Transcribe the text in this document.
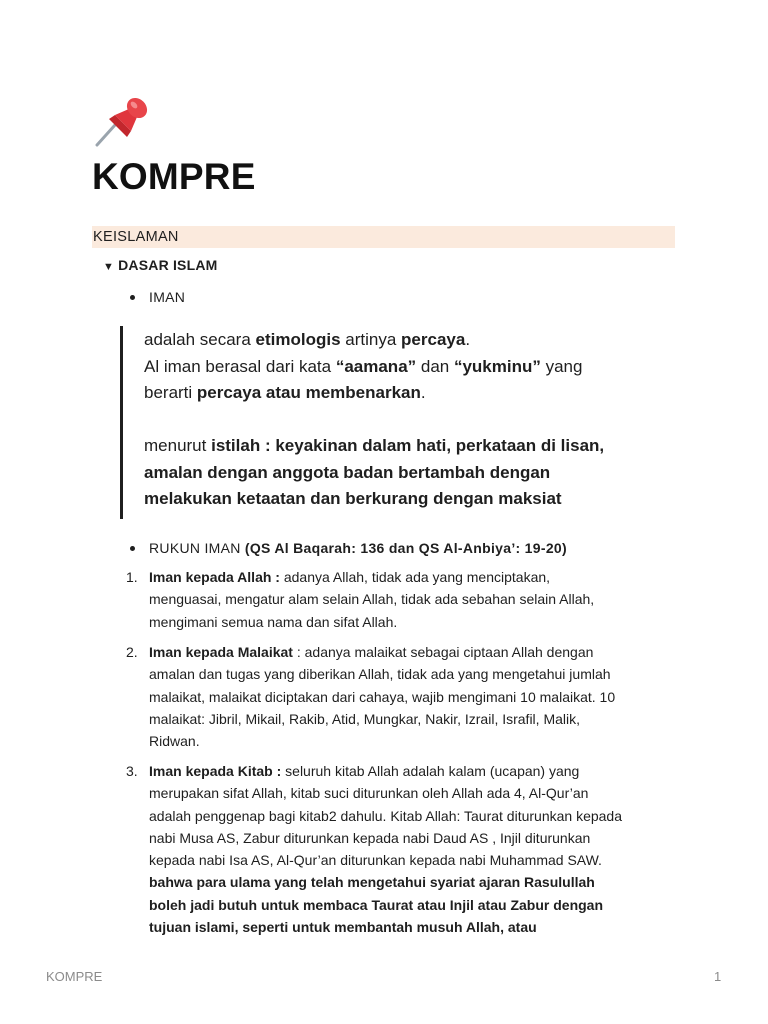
KOMPRE
KEISLAMAN
▼ DASAR ISLAM
IMAN

adalah secara etimologis artinya percaya.

Al iman berasal dari kata “aamana” dan “yukminu” yang

berarti percaya atau membenarkan.

menurut istilah : keyakinan dalam hati, perkataan di lisan,

amalan dengan anggota badan bertambah dengan

melakukan ketaatan dan berkurang dengan maksiat

RUKUN IMAN (QS Al Baqarah: 136 dan QS Al-Anbiya’: 19-20)
1. Iman kepada Allah : adanya Allah, tidak ada yang menciptakan,
menguasai, mengatur alam selain Allah, tidak ada sebahan selain Allah,
mengimani semua nama dan sifat Allah.
2. Iman kepada Malaikat : adanya malaikat sebagai ciptaan Allah dengan
amalan dan tugas yang diberikan Allah, tidak ada yang mengetahui jumlah
malaikat, malaikat diciptakan dari cahaya, wajib mengimani 10 malaikat. 10
malaikat: Jibril, Mikail, Rakib, Atid, Mungkar, Nakir, Izrail, Israfil, Malik,
Ridwan.
3. Iman kepada Kitab : seluruh kitab Allah adalah kalam (ucapan) yang
merupakan sifat Allah, kitab suci diturunkan oleh Allah ada 4, Al-Qur’an
adalah penggenap bagi kitab2 dahulu. Kitab Allah: Taurat diturunkan kepada
nabi Musa AS, Zabur diturunkan kepada nabi Daud AS , Injil diturunkan
kepada nabi Isa AS, Al-Qur’an diturunkan kepada nabi Muhammad SAW.
bahwa para ulama yang telah mengetahui syariat ajaran Rasulullah
boleh jadi butuh untuk membaca Taurat atau Injil atau Zabur dengan
tujuan islami, seperti untuk membantah musuh Allah, atau
KOMPRE	1
